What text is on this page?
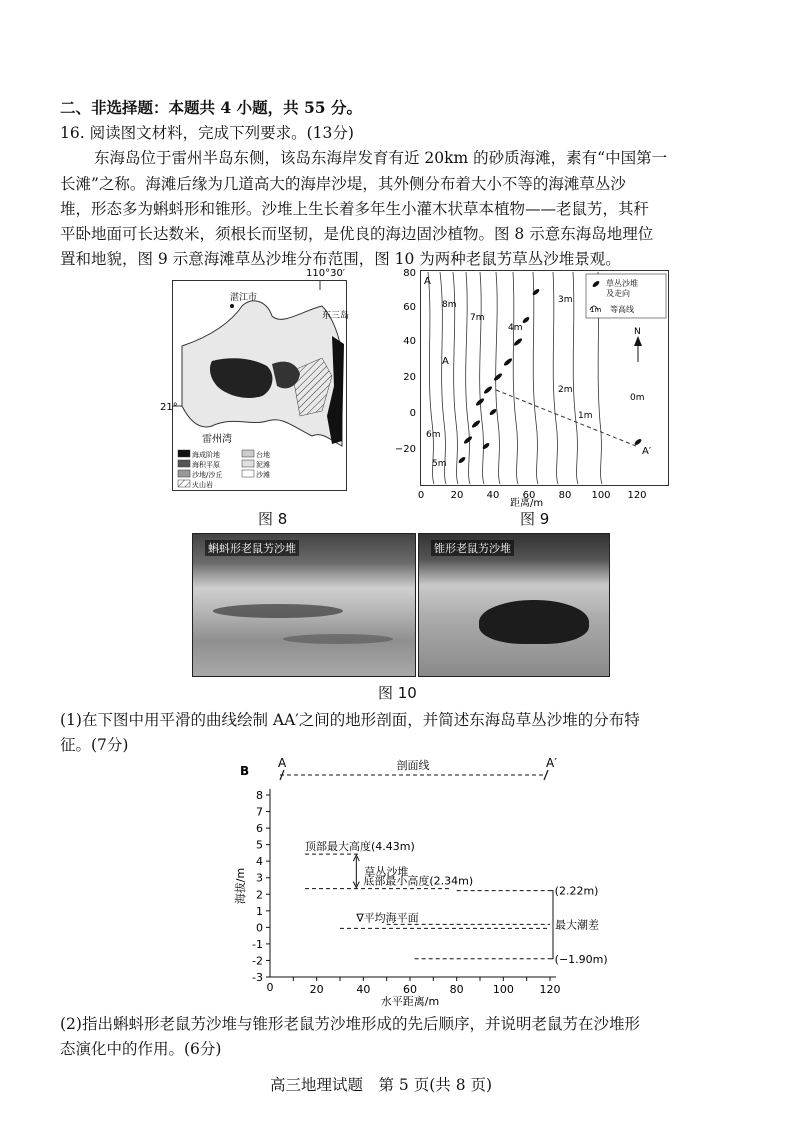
二、非选择题：本题共 4 小题，共 55 分。
16. 阅读图文材料，完成下列要求。(13分)
东海岛位于雷州半岛东侧，该岛东海岸发育有近 20km 的砂质海滩，素有“中国第一
长滩”之称。海滩后缘为几道高大的海岸沙堤，其外侧分布着大小不等的海滩草丛沙
堆，形态多为蝌蚪形和锥形。沙堆上生长着多年生小灌木状草本植物——老鼠艻，其秆
平卧地面可长达数米，须根长而坚韧，是优良的海边固沙植物。图 8 示意东海岛地理位
置和地貌，图 9 示意海滩草丛沙堆分布范围，图 10 为两种老鼠艻草丛沙堆景观。
110°30′
21°
湛江市
东三岛
雷州湾
海成阶地
海积平原
沙地/沙丘
火山岩
台地
泥滩
沙滩
图 8
80
60
40
20
0
−20
0	20 40 60 80 100 120
距离/m
8m
7m
6m
5m
4m
3m
2m
1m
0m
A
A
A′
草丛沙堆
及走向
1m 等高线
N
图 9
蝌蚪形老鼠艻沙堆	锥形老鼠艻沙堆
图 10
(1)在下图中用平滑的曲线绘制 AA′之间的地形剖面，并简述东海岛草丛沙堆的分布特
征。(7分)
B
A	A′
剖面线
8
7
6
5
4
3
2
1
0
-1
-2
-3
0	20	40	60	80	100 120
海拔/m
水平距离/m
顶部最大高度(4.43m)
草丛沙堆
底部最小高度(2.34m)
(2.22m)
∇平均海平面
最大潮差
(−1.90m)
(2)指出蝌蚪形老鼠艻沙堆与锥形老鼠艻沙堆形成的先后顺序，并说明老鼠艻在沙堆形
态演化中的作用。(6分)
高三地理试题　第 5 页(共 8 页)
